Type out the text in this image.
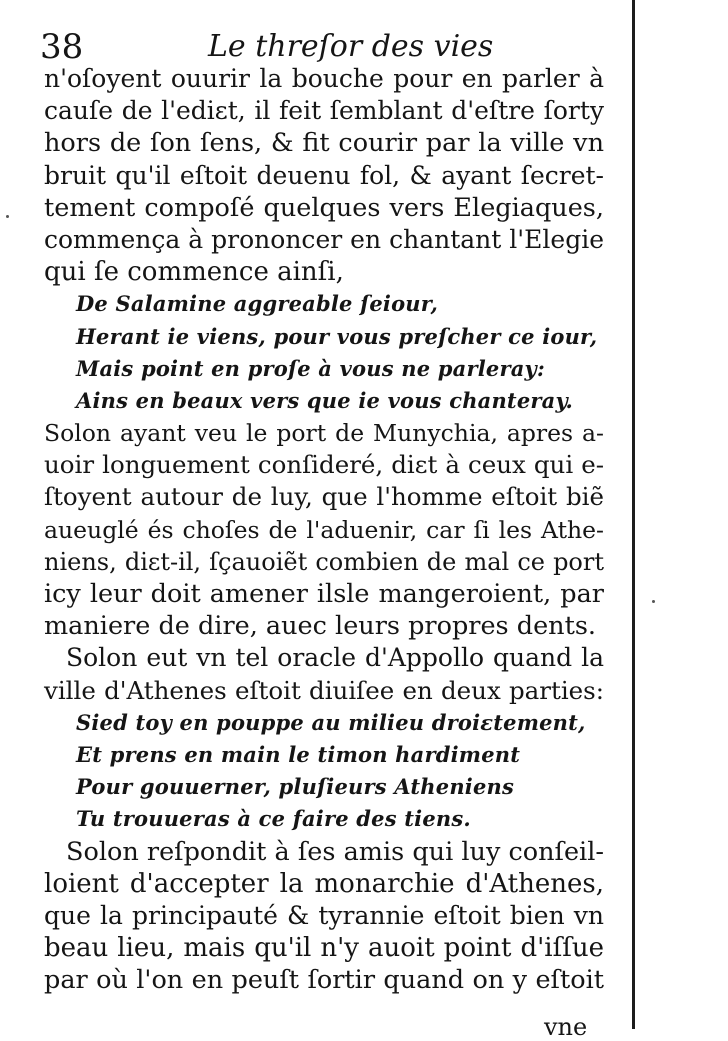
38	Le threſor des vies
n'oſoyent ouurir la bouche pour en parler à
cauſe de l'ediɛt, il feit ſemblant d'eſtre ſorty
hors de ſon ſens, & fit courir par la ville vn
bruit qu'il eſtoit deuenu fol, & ayant ſecret-
tement compoſé quelques vers Elegiaques,
commença à prononcer en chantant l'Elegie
qui ſe commence ainſi,
De Salamine aggreable ſeiour,
Herant ie viens, pour vous preſcher ce iour,
Mais point en proſe à vous ne parleray:
Ains en beaux vers que ie vous chanteray.
Solon ayant veu le port de Munychia, apres a-
uoir longuement conſideré, diɛt à ceux qui e-
ſtoyent autour de luy, que l'homme eſtoit biẽ
aueuglé és choſes de l'aduenir, car ſi les Athe-
niens, diɛt-il, ſçauoiẽt combien de mal ce port
icy leur doit amener ilsle mangeroient, par
maniere de dire, auec leurs propres dents.
Solon eut vn tel oracle d'Appollo quand la
ville d'Athenes eſtoit diuiſee en deux parties:
Sied toy en pouppe au milieu droiɛtement,
Et prens en main le timon hardiment
Pour gouuerner, pluſieurs Atheniens
Tu trouueras à ce faire des tiens.
Solon reſpondit à ſes amis qui luy conſeil-
loient d'accepter la monarchie d'Athenes,
que la principauté & tyrannie eſtoit bien vn
beau lieu, mais qu'il n'y auoit point d'iſſue
par où l'on en peuſt ſortir quand on y eſtoit
vne
